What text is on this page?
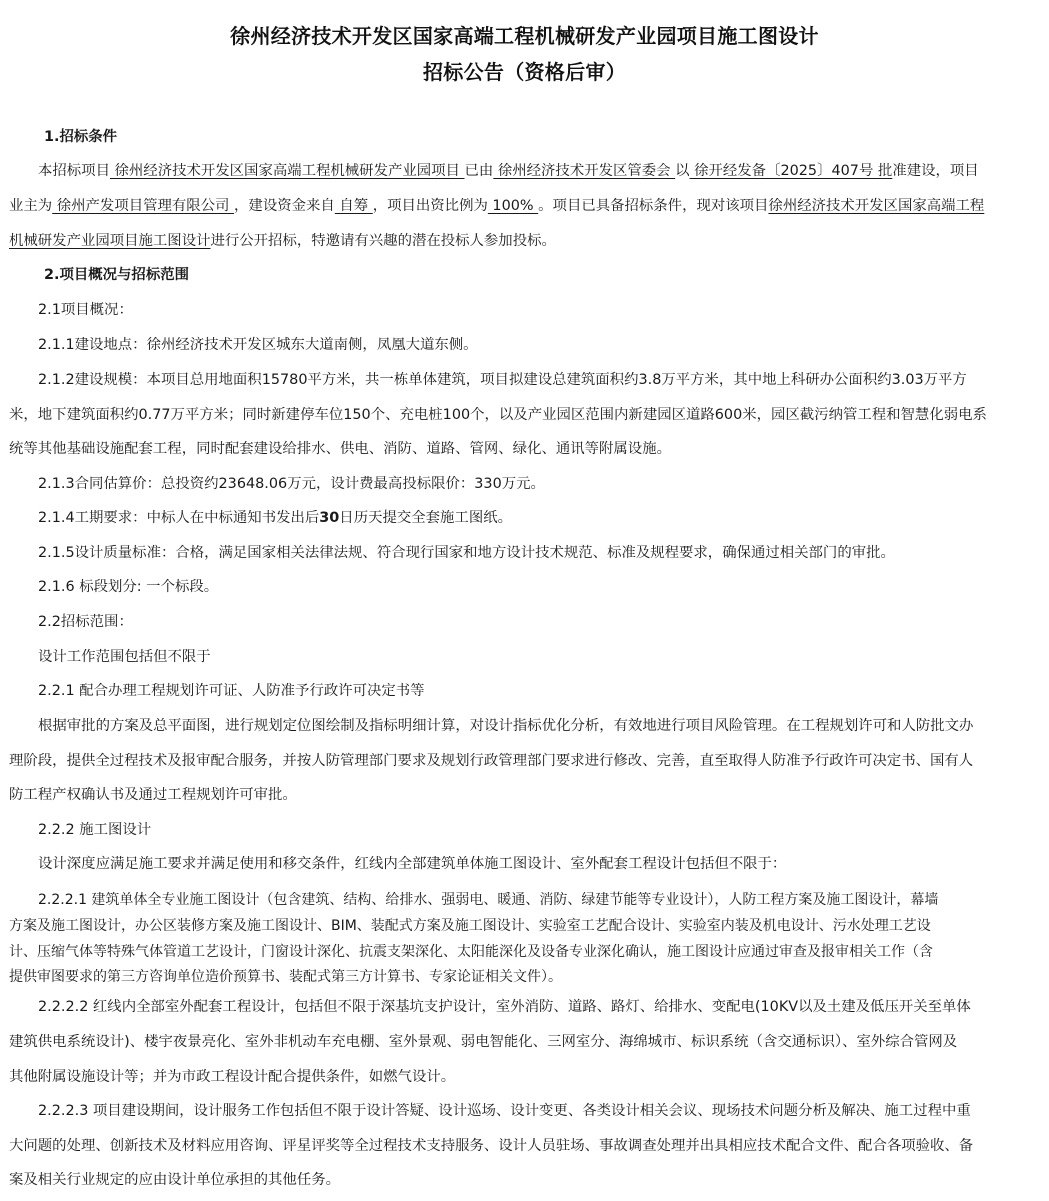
徐州经济技术开发区国家高端工程机械研发产业园项目施工图设计
招标公告（资格后审）
1.招标条件
本招标项目 徐州经济技术开发区国家高端工程机械研发产业园项目 已由 徐州经济技术开发区管委会 以 徐开经发备〔2025〕407号 批准建设，项目
业主为 徐州产发项目管理有限公司 ，建设资金来自 自筹 ，项目出资比例为 100% 。项目已具备招标条件，现对该项目徐州经济技术开发区国家高端工程
机械研发产业园项目施工图设计进行公开招标，特邀请有兴趣的潜在投标人参加投标。
2.项目概况与招标范围
2.1项目概况：
2.1.1建设地点：徐州经济技术开发区城东大道南侧，凤凰大道东侧。
2.1.2建设规模：本项目总用地面积15780平方米，共一栋单体建筑，项目拟建设总建筑面积约3.8万平方米，其中地上科研办公面积约3.03万平方
米，地下建筑面积约0.77万平方米；同时新建停车位150个、充电桩100个，以及产业园区范围内新建园区道路600米，园区截污纳管工程和智慧化弱电系
统等其他基础设施配套工程，同时配套建设给排水、供电、消防、道路、管网、绿化、通讯等附属设施。
2.1.3合同估算价：总投资约23648.06万元，设计费最高投标限价：330万元。
2.1.4工期要求：中标人在中标通知书发出后30日历天提交全套施工图纸。
2.1.5设计质量标准：合格，满足国家相关法律法规、符合现行国家和地方设计技术规范、标准及规程要求，确保通过相关部门的审批。
2.1.6 标段划分: 一个标段。
2.2招标范围：
设计工作范围包括但不限于
2.2.1 配合办理工程规划许可证、人防准予行政许可决定书等
根据审批的方案及总平面图，进行规划定位图绘制及指标明细计算，对设计指标优化分析，有效地进行项目风险管理。在工程规划许可和人防批文办
理阶段，提供全过程技术及报审配合服务，并按人防管理部门要求及规划行政管理部门要求进行修改、完善，直至取得人防准予行政许可决定书、国有人
防工程产权确认书及通过工程规划许可审批。
2.2.2 施工图设计
设计深度应满足施工要求并满足使用和移交条件，红线内全部建筑单体施工图设计、室外配套工程设计包括但不限于：
2.2.2.1 建筑单体全专业施工图设计（包含建筑、结构、给排水、强弱电、暖通、消防、绿建节能等专业设计），人防工程方案及施工图设计，幕墙
方案及施工图设计，办公区装修方案及施工图设计、BIM、装配式方案及施工图设计、实验室工艺配合设计、实验室内装及机电设计、污水处理工艺设
计、压缩气体等特殊气体管道工艺设计，门窗设计深化、抗震支架深化、太阳能深化及设备专业深化确认，施工图设计应通过审查及报审相关工作（含
提供审图要求的第三方咨询单位造价预算书、装配式第三方计算书、专家论证相关文件）。
2.2.2.2 红线内全部室外配套工程设计，包括但不限于深基坑支护设计，室外消防、道路、路灯、给排水、变配电(10KV以及土建及低压开关至单体
建筑供电系统设计)、楼宇夜景亮化、室外非机动车充电棚、室外景观、弱电智能化、三网室分、海绵城市、标识系统（含交通标识）、室外综合管网及
其他附属设施设计等；并为市政工程设计配合提供条件，如燃气设计。
2.2.2.3 项目建设期间，设计服务工作包括但不限于设计答疑、设计巡场、设计变更、各类设计相关会议、现场技术问题分析及解决、施工过程中重
大问题的处理、创新技术及材料应用咨询、评星评奖等全过程技术支持服务、设计人员驻场、事故调查处理并出具相应技术配合文件、配合各项验收、备
案及相关行业规定的应由设计单位承担的其他任务。
